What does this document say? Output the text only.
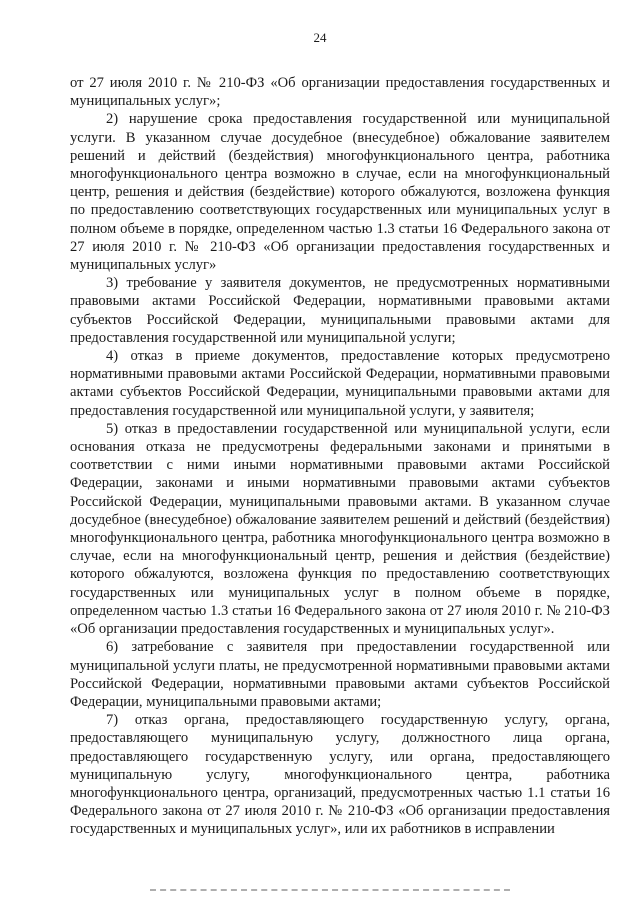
24

от 27 июля 2010 г. № 210-ФЗ «Об организации предоставления государственных и муниципальных услуг»;

2) нарушение срока предоставления государственной или муниципальной услуги. В указанном случае досудебное (внесудебное) обжалование заявителем решений и действий (бездействия) многофункционального центра, работника многофункционального центра возможно в случае, если на многофункциональный центр, решения и действия (бездействие) которого обжалуются, возложена функция по предоставлению соответствующих государственных или муниципальных услуг в полном объеме в порядке, определенном частью 1.3 статьи 16 Федерального закона от 27 июля 2010 г. № 210-ФЗ «Об организации предоставления государственных и муниципальных услуг»

3) требование у заявителя документов, не предусмотренных нормативными правовыми актами Российской Федерации, нормативными правовыми актами субъектов Российской Федерации, муниципальными правовыми актами для предоставления государственной или муниципальной услуги;

4) отказ в приеме документов, предоставление которых предусмотрено нормативными правовыми актами Российской Федерации, нормативными правовыми актами субъектов Российской Федерации, муниципальными правовыми актами для предоставления государственной или муниципальной услуги, у заявителя;

5) отказ в предоставлении государственной или муниципальной услуги, если основания отказа не предусмотрены федеральными законами и принятыми в соответствии с ними иными нормативными правовыми актами Российской Федерации, законами и иными нормативными правовыми актами субъектов Российской Федерации, муниципальными правовыми актами. В указанном случае досудебное (внесудебное) обжалование заявителем решений и действий (бездействия) многофункционального центра, работника многофункционального центра возможно в случае, если на многофункциональный центр, решения и действия (бездействие) которого обжалуются, возложена функция по предоставлению соответствующих государственных или муниципальных услуг в полном объеме в порядке, определенном частью 1.3 статьи 16 Федерального закона от 27 июля 2010 г. № 210-ФЗ «Об организации предоставления государственных и муниципальных услуг».

6) затребование с заявителя при предоставлении государственной или муниципальной услуги платы, не предусмотренной нормативными правовыми актами Российской Федерации, нормативными правовыми актами субъектов Российской Федерации, муниципальными правовыми актами;

7) отказ органа, предоставляющего государственную услугу, органа, предоставляющего муниципальную услугу, должностного лица органа, предоставляющего государственную услугу, или органа, предоставляющего муниципальную услугу, многофункционального центра, работника многофункционального центра, организаций, предусмотренных частью 1.1 статьи 16 Федерального закона от 27 июля 2010 г. № 210-ФЗ «Об организации предоставления государственных и муниципальных услуг», или их работников в исправлении
